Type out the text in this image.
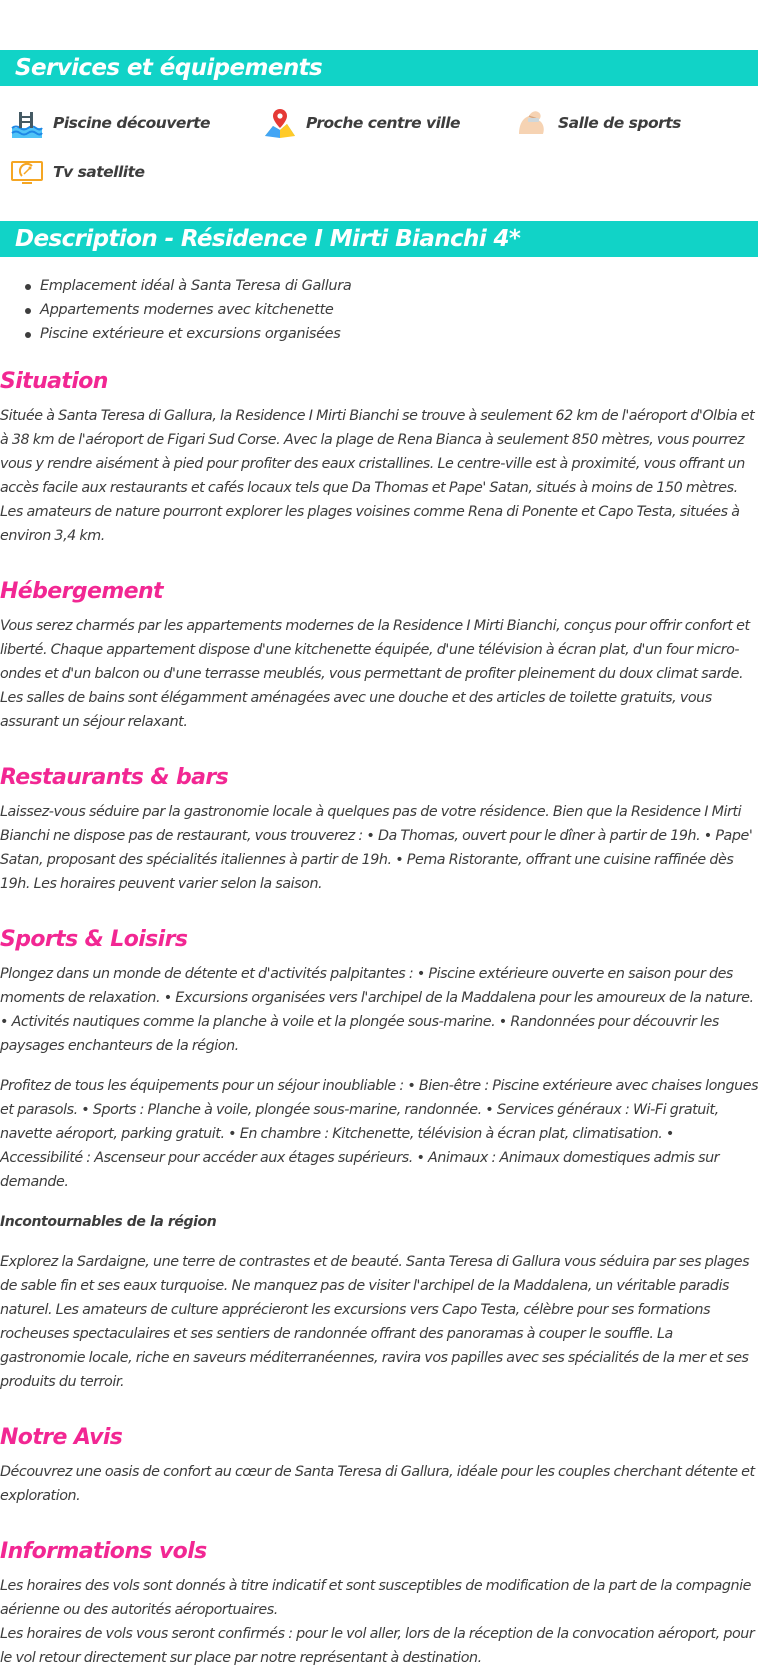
Services et équipements
Piscine découverte	Proche centre ville	Salle de sports
Tv satellite
Description - Résidence I Mirti Bianchi 4*
Emplacement idéal à Santa Teresa di Gallura
Appartements modernes avec kitchenette
Piscine extérieure et excursions organisées
Situation

Située à Santa Teresa di Gallura, la Residence I Mirti Bianchi se trouve à seulement 62 km de l'aéroport d'Olbia et à 38 km de l'aéroport de Figari Sud Corse. Avec la plage de Rena Bianca à seulement 850 mètres, vous pourrez vous y rendre aisément à pied pour profiter des eaux cristallines. Le centre-ville est à proximité, vous offrant un accès facile aux restaurants et cafés locaux tels que Da Thomas et Pape' Satan, situés à moins de 150 mètres. Les amateurs de nature pourront explorer les plages voisines comme Rena di Ponente et Capo Testa, situées à environ 3,4 km.

Hébergement

Vous serez charmés par les appartements modernes de la Residence I Mirti Bianchi, conçus pour offrir confort et liberté. Chaque appartement dispose d'une kitchenette équipée, d'une télévision à écran plat, d'un four micro-ondes et d'un balcon ou d'une terrasse meublés, vous permettant de profiter pleinement du doux climat sarde. Les salles de bains sont élégamment aménagées avec une douche et des articles de toilette gratuits, vous assurant un séjour relaxant.

Restaurants & bars

Laissez-vous séduire par la gastronomie locale à quelques pas de votre résidence. Bien que la Residence I Mirti Bianchi ne dispose pas de restaurant, vous trouverez : • Da Thomas, ouvert pour le dîner à partir de 19h. • Pape' Satan, proposant des spécialités italiennes à partir de 19h. • Pema Ristorante, offrant une cuisine raffinée dès 19h. Les horaires peuvent varier selon la saison.

Sports & Loisirs

Plongez dans un monde de détente et d'activités palpitantes : • Piscine extérieure ouverte en saison pour des moments de relaxation. • Excursions organisées vers l'archipel de la Maddalena pour les amoureux de la nature. • Activités nautiques comme la planche à voile et la plongée sous-marine. • Randonnées pour découvrir les paysages enchanteurs de la région.

Profitez de tous les équipements pour un séjour inoubliable : • Bien-être : Piscine extérieure avec chaises longues et parasols. • Sports : Planche à voile, plongée sous-marine, randonnée. • Services généraux : Wi-Fi gratuit, navette aéroport, parking gratuit. • En chambre : Kitchenette, télévision à écran plat, climatisation. • Accessibilité : Ascenseur pour accéder aux étages supérieurs. • Animaux : Animaux domestiques admis sur demande.

Incontournables de la région

Explorez la Sardaigne, une terre de contrastes et de beauté. Santa Teresa di Gallura vous séduira par ses plages de sable fin et ses eaux turquoise. Ne manquez pas de visiter l'archipel de la Maddalena, un véritable paradis naturel. Les amateurs de culture apprécieront les excursions vers Capo Testa, célèbre pour ses formations rocheuses spectaculaires et ses sentiers de randonnée offrant des panoramas à couper le souffle. La gastronomie locale, riche en saveurs méditerranéennes, ravira vos papilles avec ses spécialités de la mer et ses produits du terroir.

Notre Avis

Découvrez une oasis de confort au cœur de Santa Teresa di Gallura, idéale pour les couples cherchant détente et exploration.

Informations vols

Les horaires des vols sont donnés à titre indicatif et sont susceptibles de modification de la part de la compagnie aérienne ou des autorités aéroportuaires.

Les horaires de vols vous seront confirmés : pour le vol aller, lors de la réception de la convocation aéroport, pour le vol retour directement sur place par notre représentant à destination.
